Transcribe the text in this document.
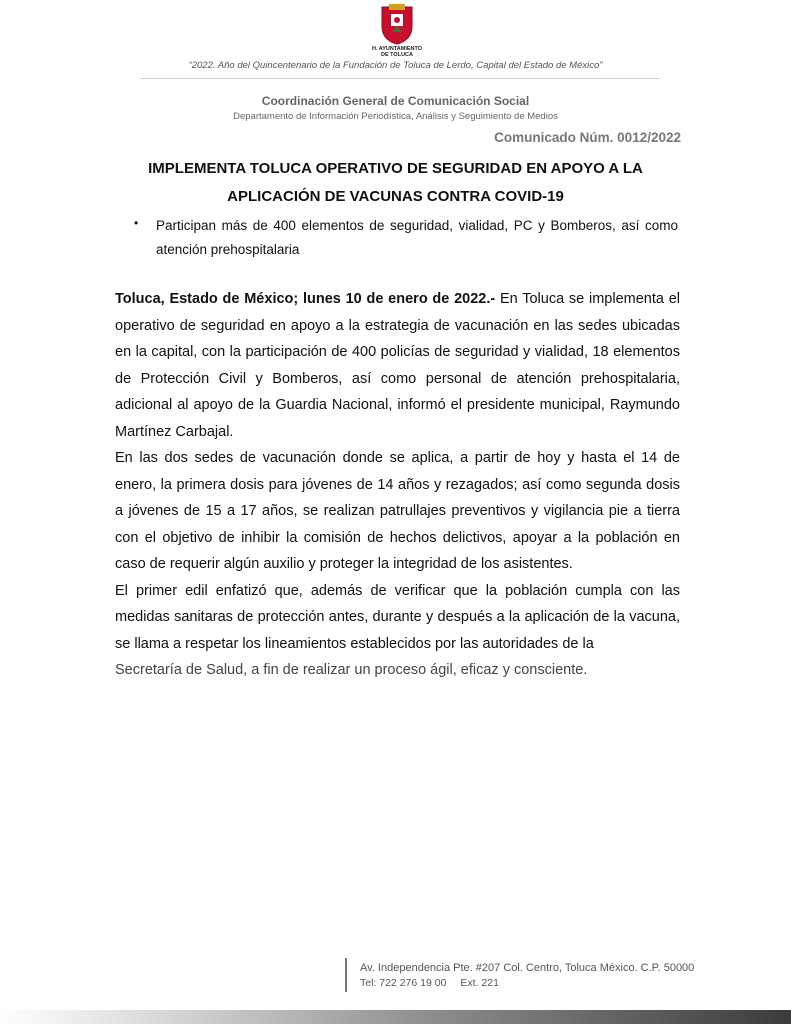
H. AYUNTAMIENTO
DE TOLUCA
“2022. Año del Quincentenario de la Fundación de Toluca de Lerdo, Capital del Estado de México”
Coordinación General de Comunicación Social
Departamento de Información Periodística, Análisis y Seguimiento de Medios
Comunicado Núm. 0012/2022
IMPLEMENTA TOLUCA OPERATIVO DE SEGURIDAD EN APOYO A LA
APLICACIÓN DE VACUNAS CONTRA COVID-19
• Participan más de 400 elementos de seguridad, vialidad, PC y Bomberos, así como atención prehospitalaria

Toluca, Estado de México; lunes 10 de enero de 2022.- En Toluca se implementa el operativo de seguridad en apoyo a la estrategia de vacunación en las sedes ubicadas en la capital, con la participación de 400 policías de seguridad y vialidad, 18 elementos de Protección Civil y Bomberos, así como personal de atención prehospitalaria, adicional al apoyo de la Guardia Nacional, informó el presidente municipal, Raymundo Martínez Carbajal.

En las dos sedes de vacunación donde se aplica, a partir de hoy y hasta el 14 de enero, la primera dosis para jóvenes de 14 años y rezagados; así como segunda dosis a jóvenes de 15 a 17 años, se realizan patrullajes preventivos y vigilancia pie a tierra con el objetivo de inhibir la comisión de hechos delictivos, apoyar a la población en caso de requerir algún auxilio y proteger la integridad de los asistentes.

El primer edil enfatizó que, además de verificar que la población cumpla con las medidas sanitaras de protección antes, durante y después a la aplicación de la vacuna, se llama a respetar los lineamientos establecidos por las autoridades de la

Secretaría de Salud, a fin de realizar un proceso ágil, eficaz y consciente.

Av. Independencia Pte. #207 Col. Centro, Toluca México. C.P. 50000
Tel: 722 276 19 00 Ext. 221
